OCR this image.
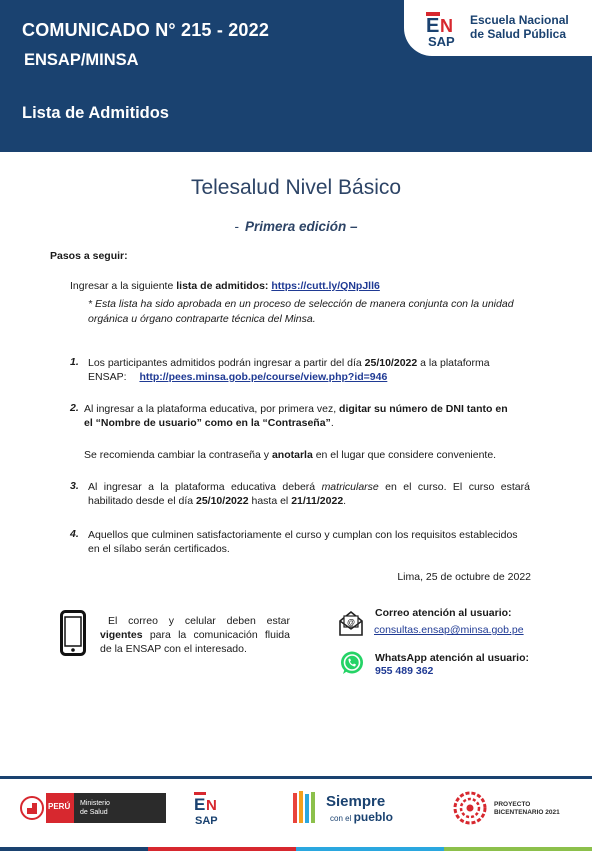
COMUNICADO N° 215 - 2022
ENSAP/MINSA
Lista de Admitidos
E N
SAP
Escuela Nacional
de Salud Pública
Telesalud Nivel Básico
- Primera edición –
Pasos a seguir:
Ingresar a la siguiente lista de admitidos: https://cutt.ly/QNpJll6
* Esta lista ha sido aprobada en un proceso de selección de manera conjunta con la unidad
orgánica u órgano contraparte técnica del Minsa.
1. Los participantes admitidos podrán ingresar a partir del día 25/10/2022 a la plataforma
ENSAP: http://pees.minsa.gob.pe/course/view.php?id=946
2. Al ingresar a la plataforma educativa, por primera vez, digitar su número de DNI tanto en
el “Nombre de usuario” como en la “Contraseña”.
Se recomienda cambiar la contraseña y anotarla en el lugar que considere conveniente.
3. Al ingresar a la plataforma educativa deberá matricularse en el curso. El curso estará
habilitado desde el día 25/10/2022 hasta el 21/11/2022.
4. Aquellos que culminen satisfactoriamente el curso y cumplan con los requisitos establecidos
en el sílabo serán certificados.
Lima, 25 de octubre de 2022
El correo y celular deben estar
vigentes para la comunicación fluida
de la ENSAP con el interesado.
@
Correo atención al usuario:
consultas.ensap@minsa.gob.pe
WhatsApp atención al usuario:
955 489 362
PERÚ Ministerio
de Salud	E N
SAP
Siempre
con el pueblo
PROYECTO
BICENTENARIO 2021
